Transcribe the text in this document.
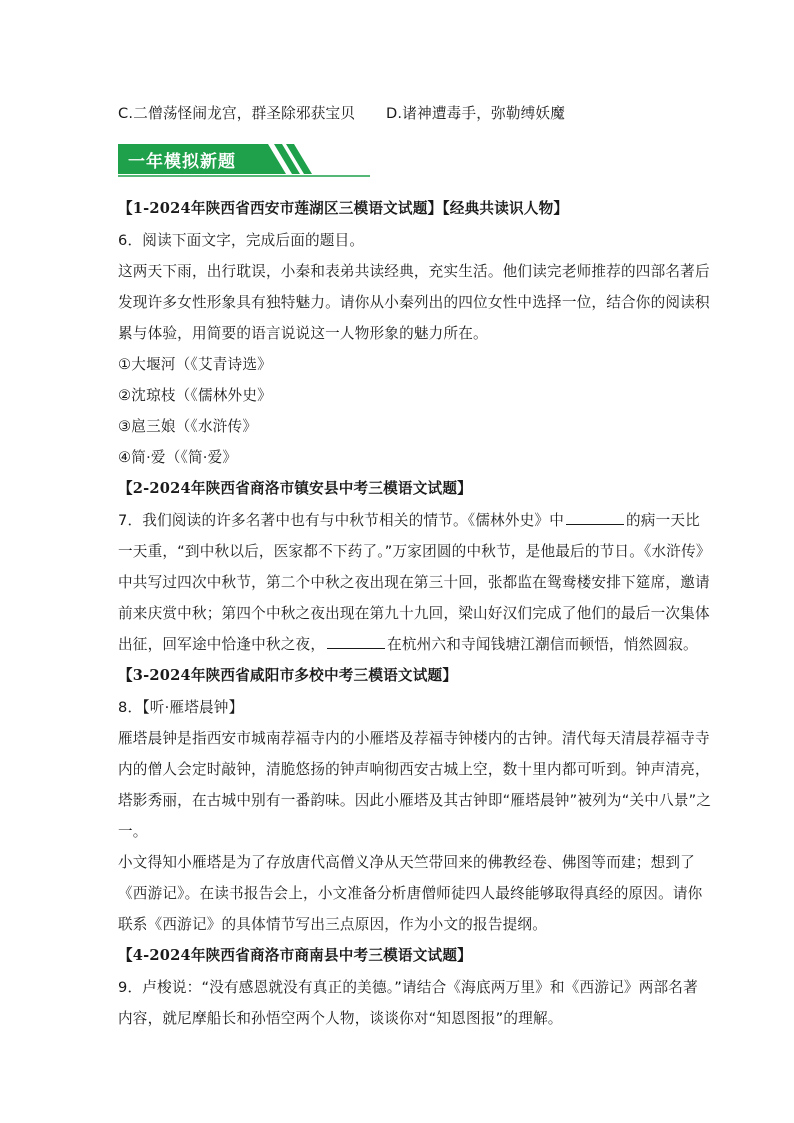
C.二僧荡怪闹龙宫，群圣除邪获宝贝 D.诸神遭毒手，弥勒缚妖魔
一年模拟新题
【1-2024年陕西省西安市莲湖区三模语文试题】【经典共读识人物】
6．阅读下面文字，完成后面的题目。
这两天下雨，出行耽误，小秦和表弟共读经典，充实生活。他们读完老师推荐的四部名著后
发现许多女性形象具有独特魅力。请你从小秦列出的四位女性中选择一位，结合你的阅读积
累与体验，用简要的语言说说这一人物形象的魅力所在。
①大堰河（《艾青诗选》
②沈琼枝（《儒林外史》
③扈三娘（《水浒传》
④简·爱（《简·爱》
【2-2024年陕西省商洛市镇安县中考三模语文试题】
7．我们阅读的许多名著中也有与中秋节相关的情节。《儒林外史》中	的病一天比
一天重，“到中秋以后，医家都不下药了。”万家团圆的中秋节，是他最后的节日。《水浒传》
中共写过四次中秋节，第二个中秋之夜出现在第三十回，张都监在鸳鸯楼安排下筵席，邀请
前来庆赏中秋；第四个中秋之夜出现在第九十九回，梁山好汉们完成了他们的最后一次集体
出征，回军途中恰逢中秋之夜，	在杭州六和寺闻钱塘江潮信而顿悟，悄然圆寂。
【3-2024年陕西省咸阳市多校中考三模语文试题】
8．【听·雁塔晨钟】
雁塔晨钟是指西安市城南荐福寺内的小雁塔及荐福寺钟楼内的古钟。清代每天清晨荐福寺寺
内的僧人会定时敲钟，清脆悠扬的钟声响彻西安古城上空，数十里内都可听到。钟声清亮，
塔影秀丽，在古城中别有一番韵味。因此小雁塔及其古钟即“雁塔晨钟”被列为“关中八景”之
一。
小文得知小雁塔是为了存放唐代高僧义净从天竺带回来的佛教经卷、佛图等而建；想到了
《西游记》。在读书报告会上，小文准备分析唐僧师徒四人最终能够取得真经的原因。请你
联系《西游记》的具体情节写出三点原因，作为小文的报告提纲。
【4-2024年陕西省商洛市商南县中考三模语文试题】
9．卢梭说：“没有感恩就没有真正的美德。”请结合《海底两万里》和《西游记》两部名著
内容，就尼摩船长和孙悟空两个人物，谈谈你对“知恩图报”的理解。
